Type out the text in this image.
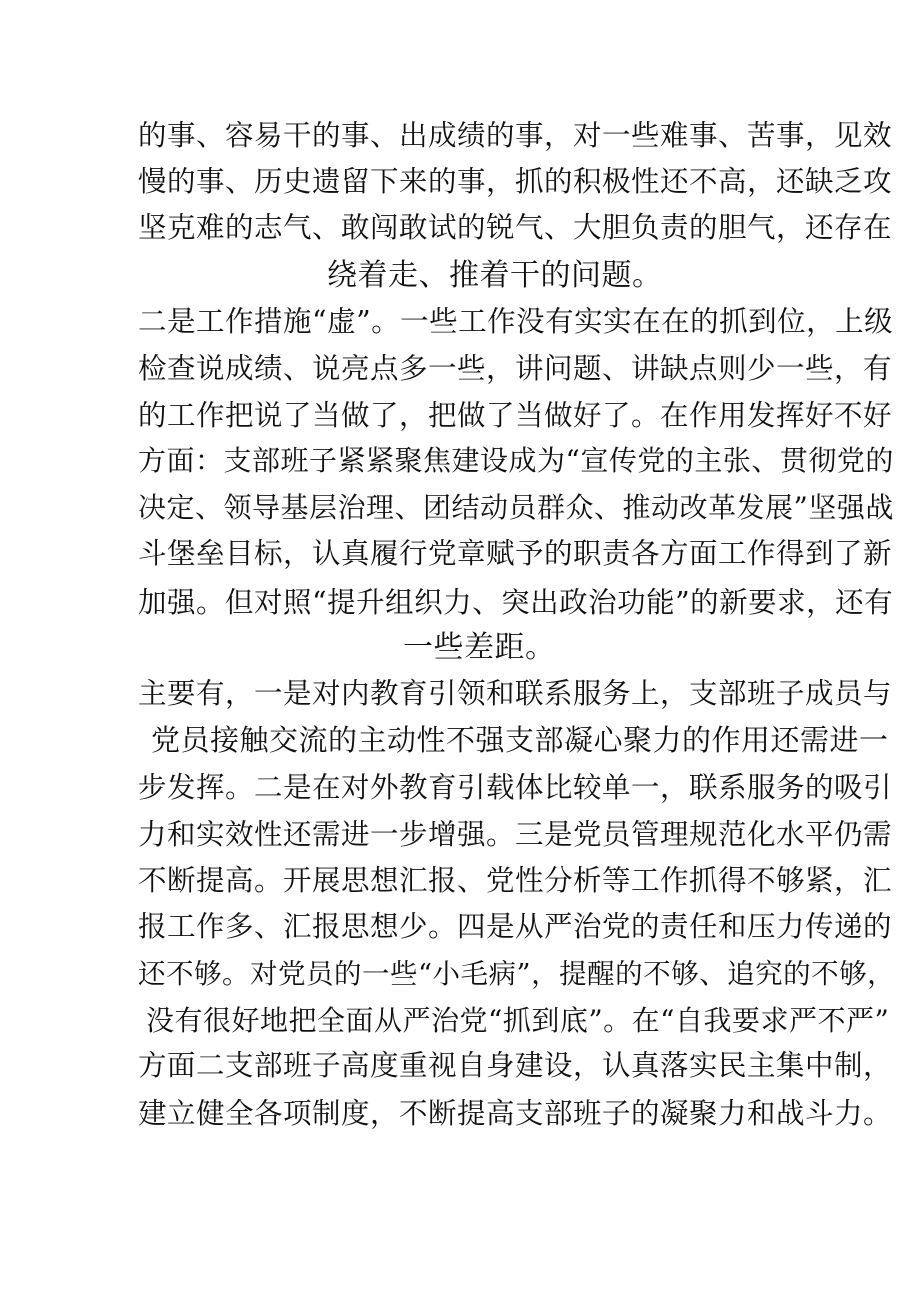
的事、容易干的事、出成绩的事，对一些难事、苦事，见效
慢的事、历史遗留下来的事，抓的积极性还不高，还缺乏攻
坚克难的志气、敢闯敢试的锐气、大胆负责的胆气，还存在
绕着走、推着干的问题。
二是工作措施“虚”。一些工作没有实实在在的抓到位，上级
检查说成绩、说亮点多一些，讲问题、讲缺点则少一些，有
的工作把说了当做了，把做了当做好了。在作用发挥好不好
方面：支部班子紧紧聚焦建设成为“宣传党的主张、贯彻党的
决定、领导基层治理、团结动员群众、推动改革发展”坚强战
斗堡垒目标，认真履行党章赋予的职责各方面工作得到了新
加强。但对照“提升组织力、突出政治功能”的新要求，还有
一些差距。
主要有，一是对内教育引领和联系服务上，支部班子成员与
党员接触交流的主动性不强支部凝心聚力的作用还需进一
步发挥。二是在对外教育引载体比较单一，联系服务的吸引
力和实效性还需进一步增强。三是党员管理规范化水平仍需
不断提高。开展思想汇报、党性分析等工作抓得不够紧，汇
报工作多、汇报思想少。四是从严治党的责任和压力传递的
还不够。对党员的一些“小毛病”，提醒的不够、追究的不够，
没有很好地把全面从严治党“抓到底”。在“自我要求严不严”
方面二支部班子高度重视自身建设，认真落实民主集中制，
建立健全各项制度，不断提高支部班子的凝聚力和战斗力。
